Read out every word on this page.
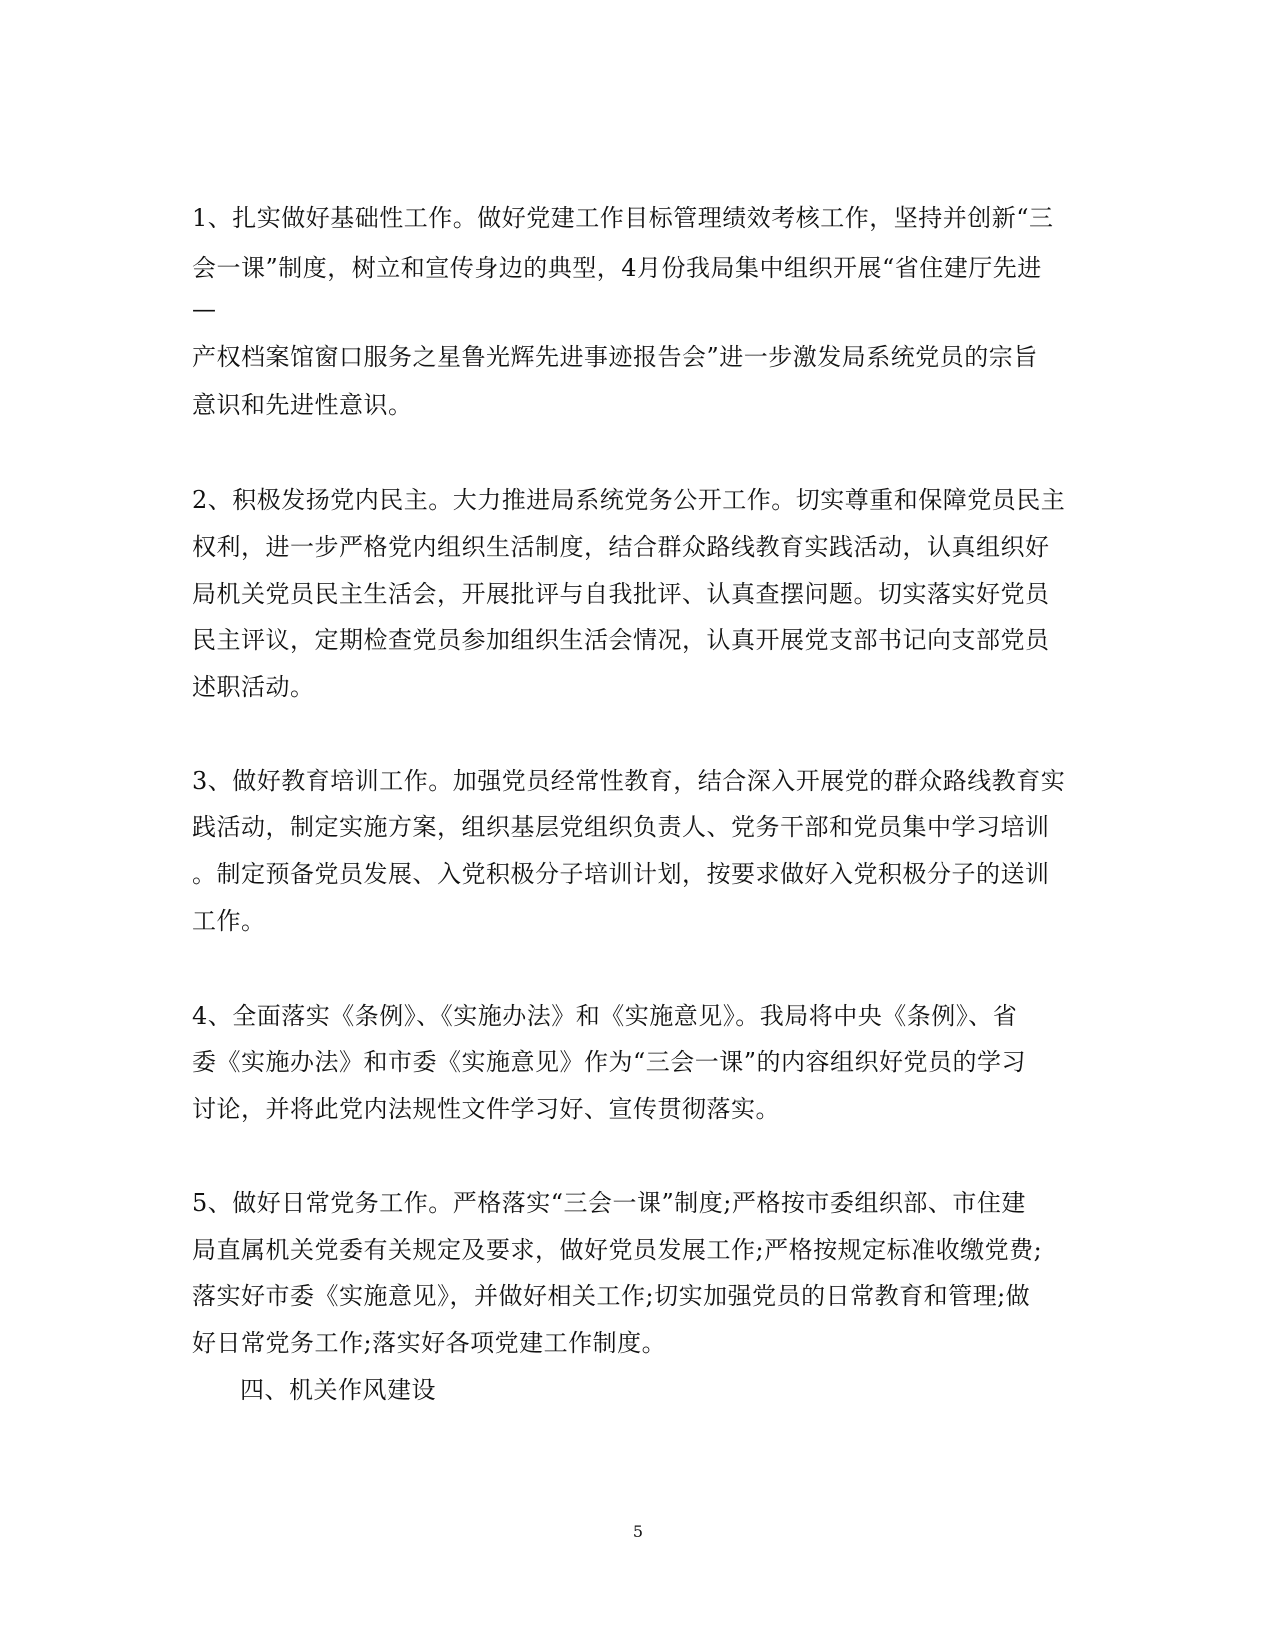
1、扎实做好基础性工作。做好党建工作目标管理绩效考核工作，坚持并创新“三
会一课”制度，树立和宣传身边的典型，4月份我局集中组织开展“省住建厅先进
—
产权档案馆窗口服务之星鲁光辉先进事迹报告会”进一步激发局系统党员的宗旨
意识和先进性意识。
2、积极发扬党内民主。大力推进局系统党务公开工作。切实尊重和保障党员民主
权利，进一步严格党内组织生活制度，结合群众路线教育实践活动，认真组织好
局机关党员民主生活会，开展批评与自我批评、认真查摆问题。切实落实好党员
民主评议，定期检查党员参加组织生活会情况，认真开展党支部书记向支部党员
述职活动。
3、做好教育培训工作。加强党员经常性教育，结合深入开展党的群众路线教育实
践活动，制定实施方案，组织基层党组织负责人、党务干部和党员集中学习培训
。制定预备党员发展、入党积极分子培训计划，按要求做好入党积极分子的送训
工作。
4、全面落实《条例》、《实施办法》和《实施意见》。我局将中央《条例》、省
委《实施办法》和市委《实施意见》作为“三会一课”的内容组织好党员的学习
讨论，并将此党内法规性文件学习好、宣传贯彻落实。
5、做好日常党务工作。严格落实“三会一课”制度;严格按市委组织部、市住建
局直属机关党委有关规定及要求，做好党员发展工作;严格按规定标准收缴党费;
落实好市委《实施意见》，并做好相关工作;切实加强党员的日常教育和管理;做
好日常党务工作;落实好各项党建工作制度。
四、机关作风建设
5
